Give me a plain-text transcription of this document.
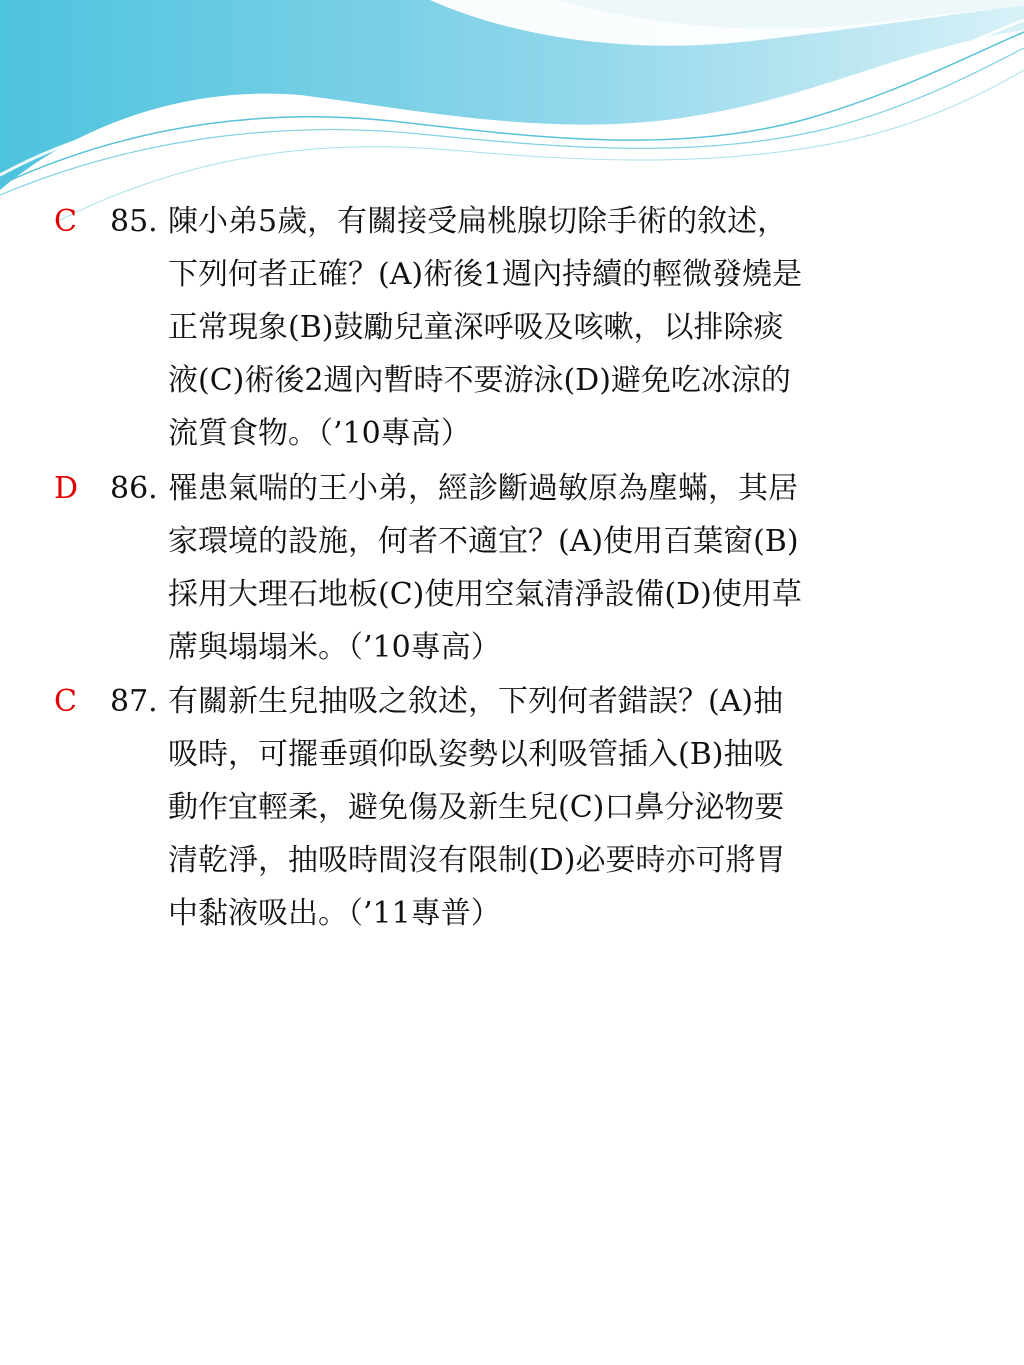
C 85. 陳小弟5歲，有關接受扁桃腺切除手術的敘述，
下列何者正確？(A)術後1週內持續的輕微發燒是
正常現象(B)鼓勵兒童深呼吸及咳嗽，以排除痰
液(C)術後2週內暫時不要游泳(D)避免吃冰涼的
流質食物。（’10專高）
D 86. 罹患氣喘的王小弟，經診斷過敏原為塵蟎，其居
家環境的設施，何者不適宜？(A)使用百葉窗(B)
採用大理石地板(C)使用空氣清淨設備(D)使用草
蓆與塌塌米。（’10專高）
C 87. 有關新生兒抽吸之敘述，下列何者錯誤？(A)抽
吸時，可擺垂頭仰臥姿勢以利吸管插入(B)抽吸
動作宜輕柔，避免傷及新生兒(C)口鼻分泌物要
清乾淨，抽吸時間沒有限制(D)必要時亦可將胃
中黏液吸出。（’11專普）
